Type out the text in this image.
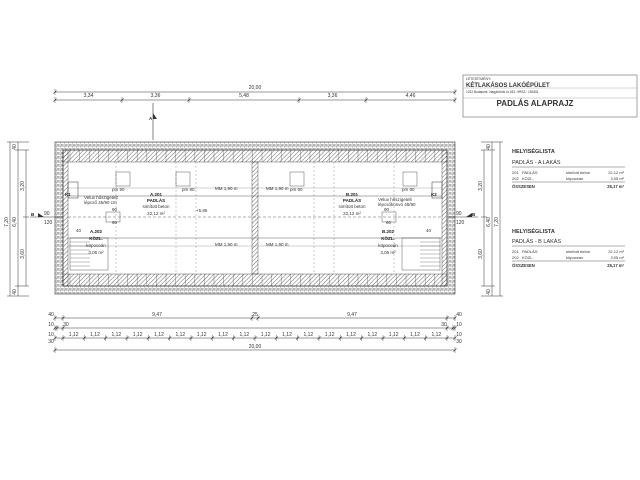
LÉTESÍTMÉNY:
KÉTLAKÁSOS LAKÓÉPÜLET
1232 Budapest, Nagykőrösi út 183. HRSZ.: 181651
PADLÁS ALAPRAJZ
20,00
3,34	3,36	5,48	3,36	4,46
A
K1	K2
A.201
PADLÁS
simított beton
22,12 m²
A.202
KÖZL.
köpoceán
3,05 m²
B.201
PADLÁS
simított beton
22,12 m²
B.202
KÖZL.
köpoceán
3,05 m²
Velux hőszigetelt
lépcső 45/90 cm
Velux hőszigetelt
lépcsőkonvó 45/90
+5,85
MM 1,90 m
MM 1,90 m
MM 1,90 m
MM 1,90 m
pm 90	pm 90	pm 90	pm 90
90
60
40
60
90
40
B	B
90
120
90
120
7,20 6,40
3,20
3,60
40
40
7,20
6,40
3,20
3,60
40
40
40	9,47	25	9,47	40
10 30	30 10
1,12 1,12 1,12 1,12 1,12 1,12 1,12 1,12 1,12 1,12 1,12 1,12 1,12 1,12 1,12 1,12 1,12 1,12
10	10
30	30
20,00
HELYISÉGLISTA
PADLÁS - A LAKÁS
201 PADLÁS	simított beton	22,12 m²
202 KÖZL.	köpoceán	3,05 m²
ÖSSZESEN	25,17 m²
HELYISÉGLISTA
PADLÁS - B LAKÁS
201 PADLÁS	simított beton	22,12 m²
202 KÖZL.	köpoceán	3,05 m²
ÖSSZESEN	25,17 m²
